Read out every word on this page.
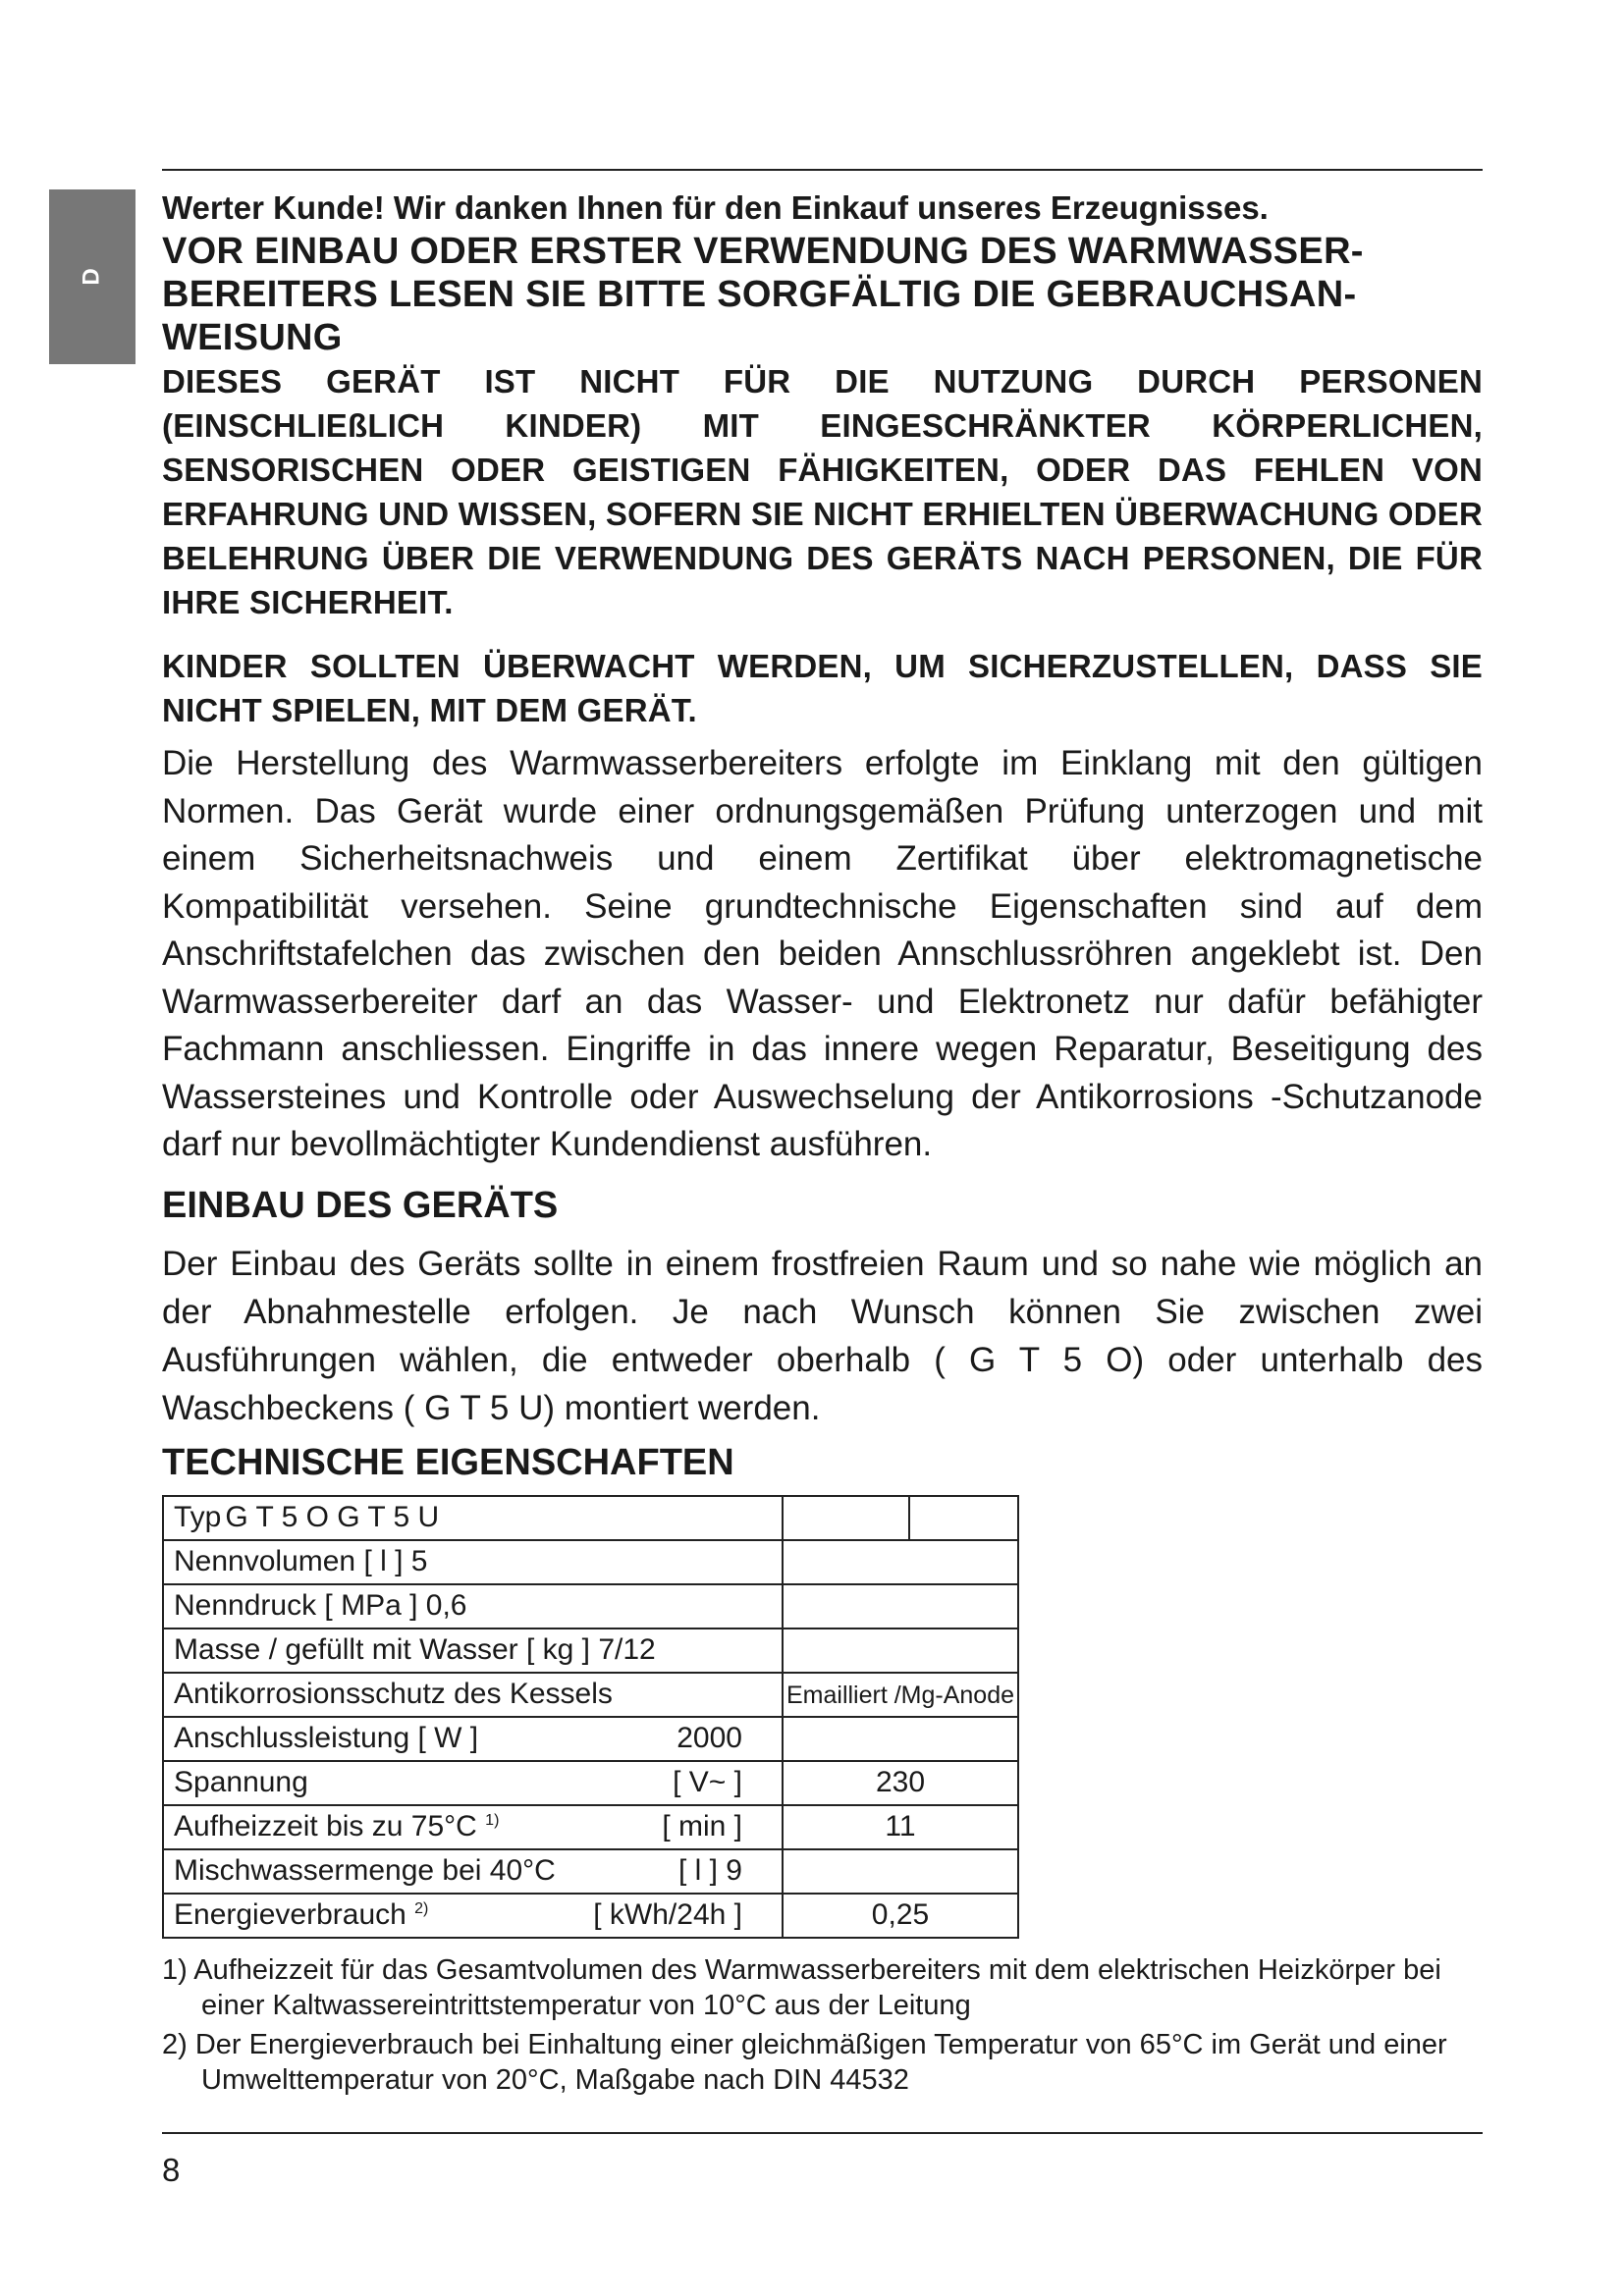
D

Werter Kunde! Wir danken Ihnen für den Einkauf unseres Erzeugnisses.

VOR EINBAU ODER ERSTER VERWENDUNG DES WARMWASSER-BEREITERS LESEN SIE BITTE SORGFÄLTIG DIE GEBRAUCHSAN-WEISUNG

DIESES GERÄT IST NICHT FÜR DIE NUTZUNG DURCH PERSONEN (EINSCHLIEßLICH KINDER) MIT EINGESCHRÄNKTER KÖRPERLICHEN, SENSORISCHEN ODER GEISTIGEN FÄHIGKEITEN, ODER DAS FEHLEN VON ERFAHRUNG UND WISSEN, SOFERN SIE NICHT ERHIELTEN ÜBERWACHUNG ODER BELEHRUNG ÜBER DIE VERWENDUNG DES GERÄTS NACH PERSONEN, DIE FÜR IHRE SICHERHEIT.

KINDER SOLLTEN ÜBERWACHT WERDEN, UM SICHERZUSTELLEN, DASS SIE NICHT SPIELEN, MIT DEM GERÄT.

Die Herstellung des Warmwasserbereiters erfolgte im Einklang mit den gültigen Normen. Das Gerät wurde einer ordnungsgemäßen Prüfung unterzogen und mit einem Sicherheitsnachweis und einem Zertifikat über elektromagnetische Kompatibilität versehen. Seine grundtechnische Eigenschaften sind auf dem Anschriftstafelchen das zwischen den beiden Annschlussröhren angeklebt ist. Den Warmwasserbereiter darf an das Wasser- und Elektronetz nur dafür befähigter Fachmann anschliessen. Eingriffe in das innere wegen Reparatur, Beseitigung des Wassersteines und Kontrolle oder Auswechselung der Antikorrosions -Schutzanode darf nur bevollmächtigter Kundendienst ausführen.

EINBAU DES GERÄTS

Der Einbau des Geräts sollte in einem frostfreien Raum und so nahe wie möglich an der Abnahmestelle erfolgen. Je nach Wunsch können Sie zwischen zwei Ausführungen wählen, die entweder oberhalb ( G T 5 O) oder unterhalb des Waschbeckens ( G T 5 U) montiert werden.

TECHNISCHE EIGENSCHAFTEN
Typ G T 5 O G T 5 U	

Nennvolumen [ l ] 5	

Nenndruck [ MPa ] 0,6	

Masse / gefüllt mit Wasser [ kg ] 7/12	

Antikorrosionsschutz des Kessels	Emailliert /Mg-Anode

Anschlussleistung [ W ] 2000	

Spannung [ V~ ]	230

Aufheizzeit bis zu 75°C $^{1)}$ [ min ]	11

Mischwassermenge bei 40°C [ l ] 9	

Energieverbrauch $^{2)}$ [ kWh/24h ]	0,25

1) Aufheizzeit für das Gesamtvolumen des Warmwasserbereiters mit dem elektrischen Heizkörper bei einer Kaltwassereintrittstemperatur von 10°C aus der Leitung

2) Der Energieverbrauch bei Einhaltung einer gleichmäßigen Temperatur von 65°C im Gerät und einer Umwelttemperatur von 20°C, Maßgabe nach DIN 44532

8
